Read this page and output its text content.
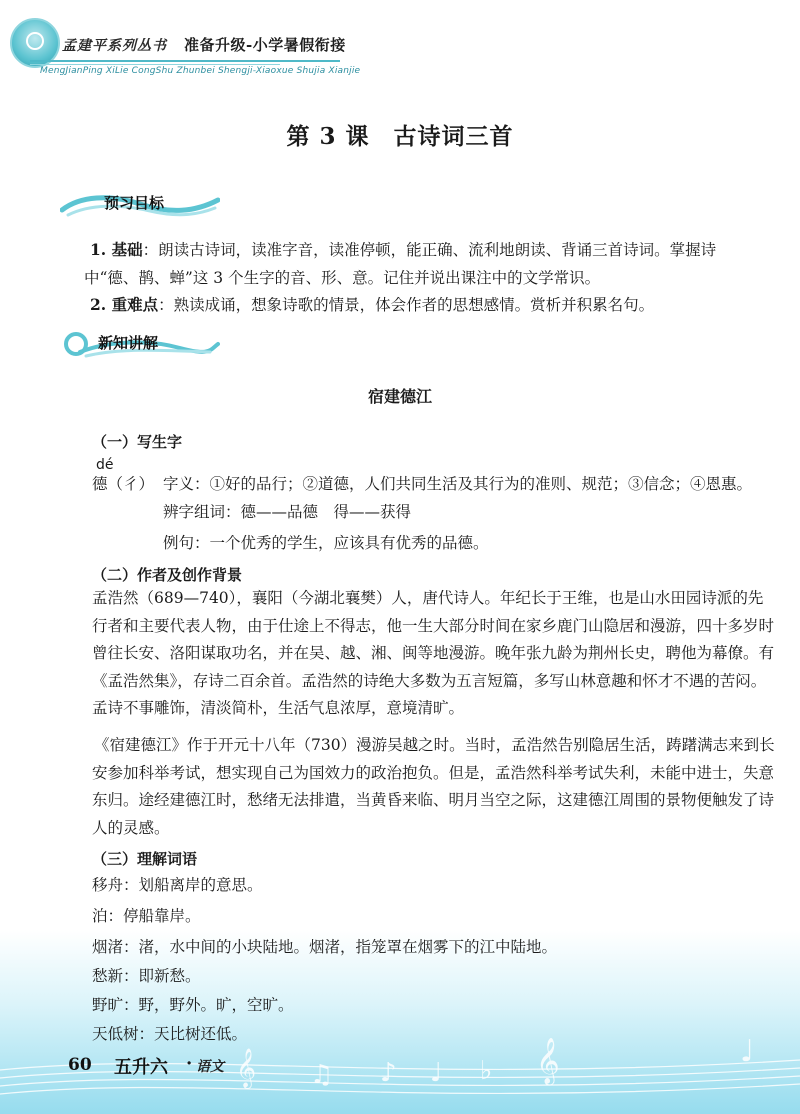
孟建平系列丛书 准备升级-小学暑假衔接
MengJianPing XiLie CongShu Zhunbei Shengji-Xiaoxue Shujia Xianjie
第 3 课　古诗词三首
预习目标
1. 基础：朗读古诗词，读准字音，读准停顿，能正确、流利地朗读、背诵三首诗词。掌握诗中“德、鹊、蝉”这 3 个生字的音、形、意。记住并说出课注中的文学常识。
2. 重难点：熟读成诵，想象诗歌的情景，体会作者的思想感情。赏析并积累名句。
新知讲解
宿建德江
（一）写生字
dé
德（彳） 字义：①好的品行；②道德，人们共同生活及其行为的准则、规范；③信念；④恩惠。
辨字组词：德——品德　得——获得
例句：一个优秀的学生，应该具有优秀的品德。
（二）作者及创作背景
孟浩然（689—740），襄阳（今湖北襄樊）人，唐代诗人。年纪长于王维，也是山水田园诗派的先行者和主要代表人物，由于仕途上不得志，他一生大部分时间在家乡鹿门山隐居和漫游，四十多岁时曾往长安、洛阳谋取功名，并在吴、越、湘、闽等地漫游。晚年张九龄为荆州长史，聘他为幕僚。有《孟浩然集》，存诗二百余首。孟浩然的诗绝大多数为五言短篇，多写山林意趣和怀才不遇的苦闷。孟诗不事雕饰，清淡简朴，生活气息浓厚，意境清旷。
《宿建德江》作于开元十八年（730）漫游吴越之时。当时，孟浩然告别隐居生活，踌躇满志来到长安参加科举考试，想实现自己为国效力的政治抱负。但是，孟浩然科举考试失利，未能中进士，失意东归。途经建德江时，愁绪无法排遣，当黄昏来临、明月当空之际，这建德江周围的景物便触发了诗人的灵感。
（三）理解词语
移舟：划船离岸的意思。
泊：停船靠岸。
烟渚：渚，水中间的小块陆地。烟渚，指笼罩在烟雾下的江中陆地。
愁新：即新愁。
野旷：野，野外。旷，空旷。
天低树：天比树还低。
𝄞 ♫ ♪ ♩ ♭ 𝄞	♩
60 五升六 · 语文
